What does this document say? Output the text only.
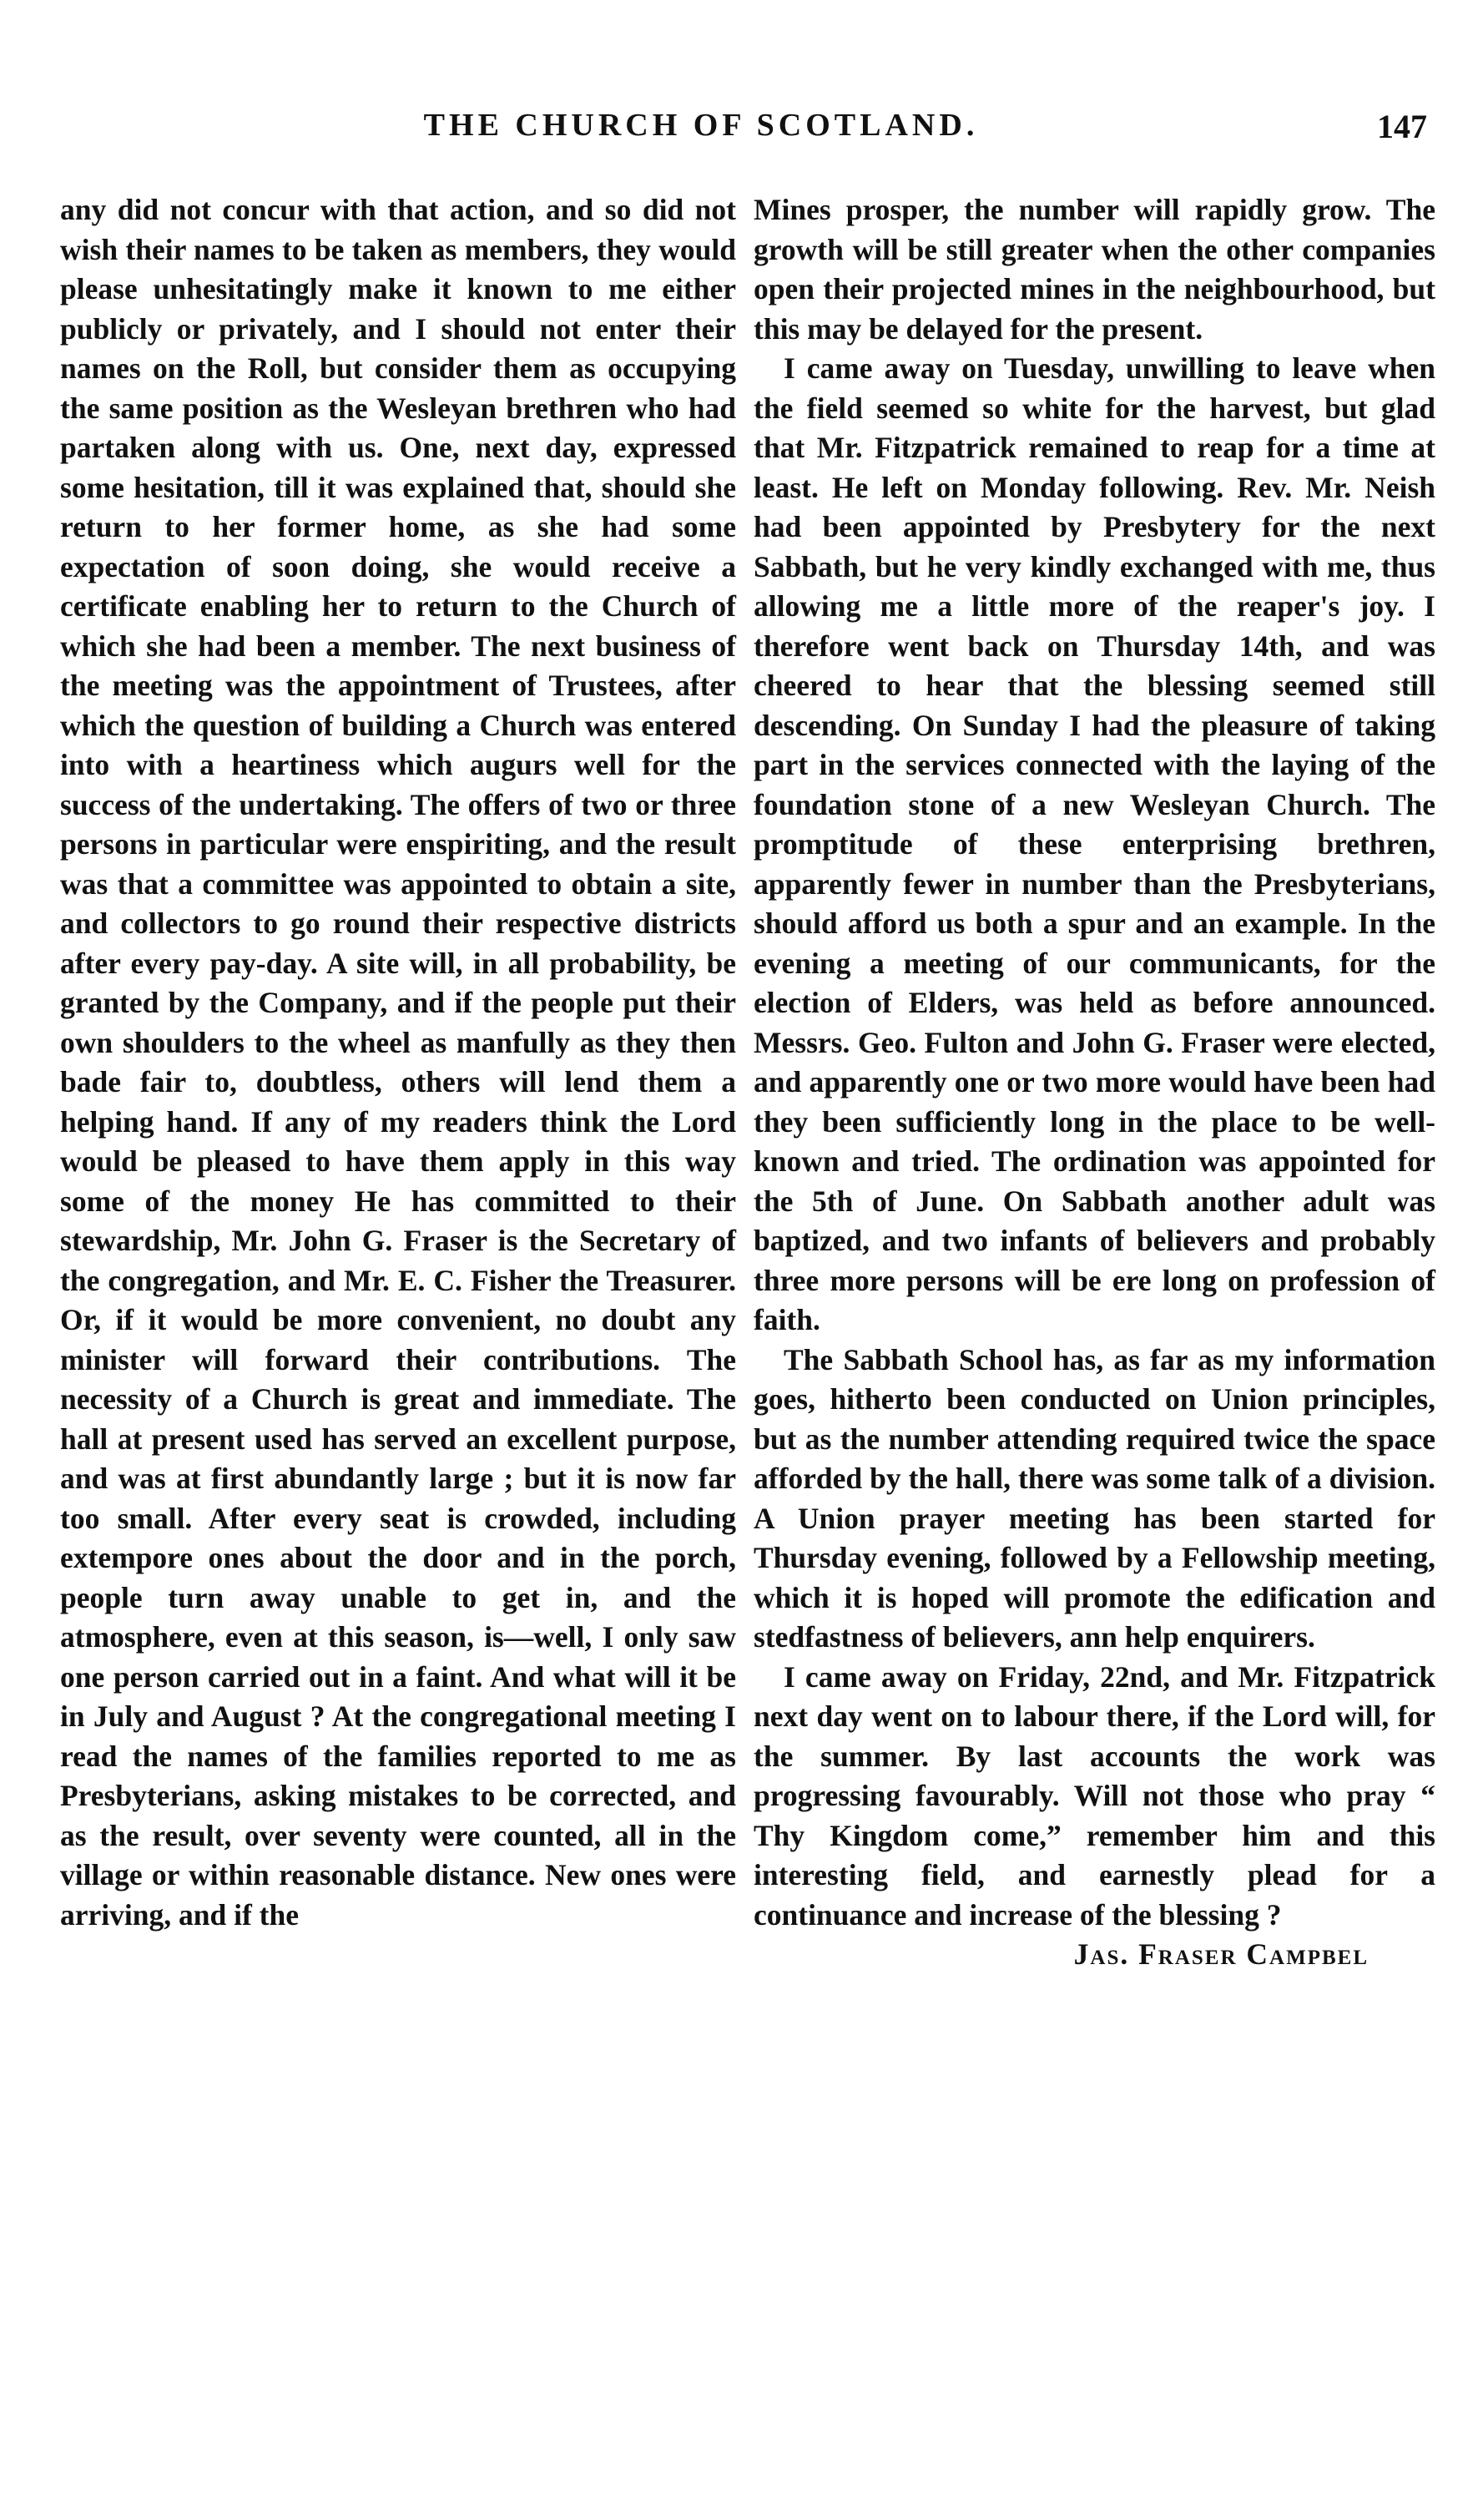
THE CHURCH OF SCOTLAND.	147

any did not concur with that action, and so did not wish their names to be taken as members, they would please unhesitatingly make it known to me either publicly or privately, and I should not enter their names on the Roll, but consider them as occupying the same position as the Wesleyan brethren who had partaken along with us. One, next day, expressed some hesitation, till it was explained that, should she return to her former home, as she had some expectation of soon doing, she would receive a certificate enabling her to return to the Church of which she had been a member. The next business of the meeting was the appointment of Trustees, after which the question of building a Church was entered into with a heartiness which augurs well for the success of the undertaking. The offers of two or three persons in particular were enspiriting, and the result was that a committee was appointed to obtain a site, and collectors to go round their respective districts after every pay-day. A site will, in all probability, be granted by the Company, and if the people put their own shoulders to the wheel as manfully as they then bade fair to, doubtless, others will lend them a helping hand. If any of my readers think the Lord would be pleased to have them apply in this way some of the money He has committed to their stewardship, Mr. John G. Fraser is the Secretary of the congregation, and Mr. E. C. Fisher the Treasurer. Or, if it would be more convenient, no doubt any minister will forward their contributions. The necessity of a Church is great and immediate. The hall at present used has served an excellent purpose, and was at first abundantly large ; but it is now far too small. After every seat is crowded, including extempore ones about the door and in the porch, people turn away unable to get in, and the atmosphere, even at this season, is—well, I only saw one person carried out in a faint. And what will it be in July and August ? At the congregational meeting I read the names of the families reported to me as Presbyterians, asking mistakes to be corrected, and as the result, over seventy were counted, all in the village or within reasonable distance. New ones were arriving, and if the

Mines prosper, the number will rapidly grow. The growth will be still greater when the other companies open their projected mines in the neighbourhood, but this may be delayed for the present.

I came away on Tuesday, unwilling to leave when the field seemed so white for the harvest, but glad that Mr. Fitzpatrick remained to reap for a time at least. He left on Monday following. Rev. Mr. Neish had been appointed by Presbytery for the next Sabbath, but he very kindly exchanged with me, thus allowing me a little more of the reaper's joy. I therefore went back on Thursday 14th, and was cheered to hear that the blessing seemed still descending. On Sunday I had the pleasure of taking part in the services connected with the laying of the foundation stone of a new Wesleyan Church. The promptitude of these enterprising brethren, apparently fewer in number than the Presbyterians, should afford us both a spur and an example. In the evening a meeting of our communicants, for the election of Elders, was held as before announced. Messrs. Geo. Fulton and John G. Fraser were elected, and apparently one or two more would have been had they been sufficiently long in the place to be well-known and tried. The ordination was appointed for the 5th of June. On Sabbath another adult was baptized, and two infants of believers and probably three more persons will be ere long on profession of faith.

The Sabbath School has, as far as my information goes, hitherto been conducted on Union principles, but as the number attending required twice the space afforded by the hall, there was some talk of a division. A Union prayer meeting has been started for Thursday evening, followed by a Fellowship meeting, which it is hoped will promote the edification and stedfastness of believers, ann help enquirers.

I came away on Friday, 22nd, and Mr. Fitzpatrick next day went on to labour there, if the Lord will, for the summer. By last accounts the work was progressing favourably. Will not those who pray “ Thy Kingdom come,” remember him and this interesting field, and earnestly plead for a continuance and increase of the blessing ?

Jas. Fraser Campbel
